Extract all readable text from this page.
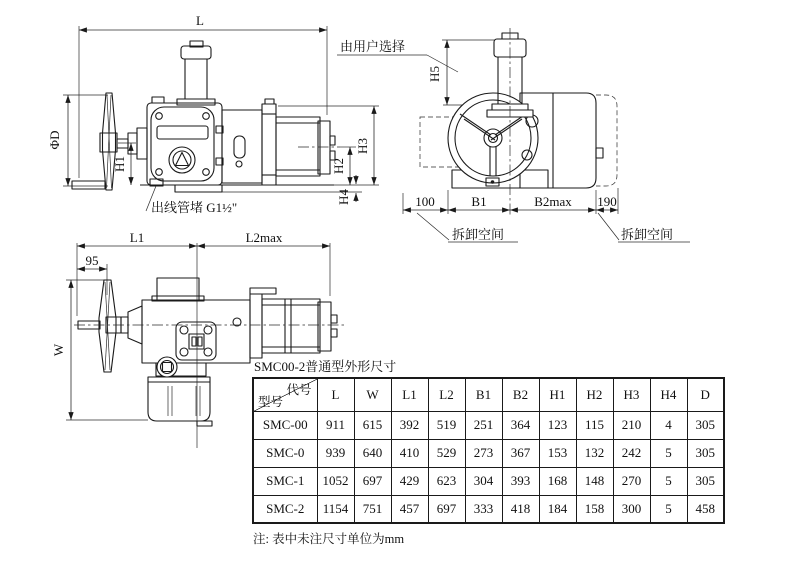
L
ΦD
H1
H3
H2
H4
出线管堵 G1½"
由用户选择
H5
100	B1	B2max 190
拆卸空间	拆卸空间
L1	L2max
95
W
SMC00-2普通型外形尺寸
代号
型号	L	W	L1	L2	B1	B2	H1	H2	H3	H4	D
SMC-00	911	615	392	519	251	364	123	115	210	4	305
SMC-0	939	640	410	529	273	367	153	132	242	5	305
SMC-1	1052	697	429	623	304	393	168	148	270	5	305
SMC-2	1154	751	457	697	333	418	184	158	300	5	458
注: 表中未注尺寸单位为mm
